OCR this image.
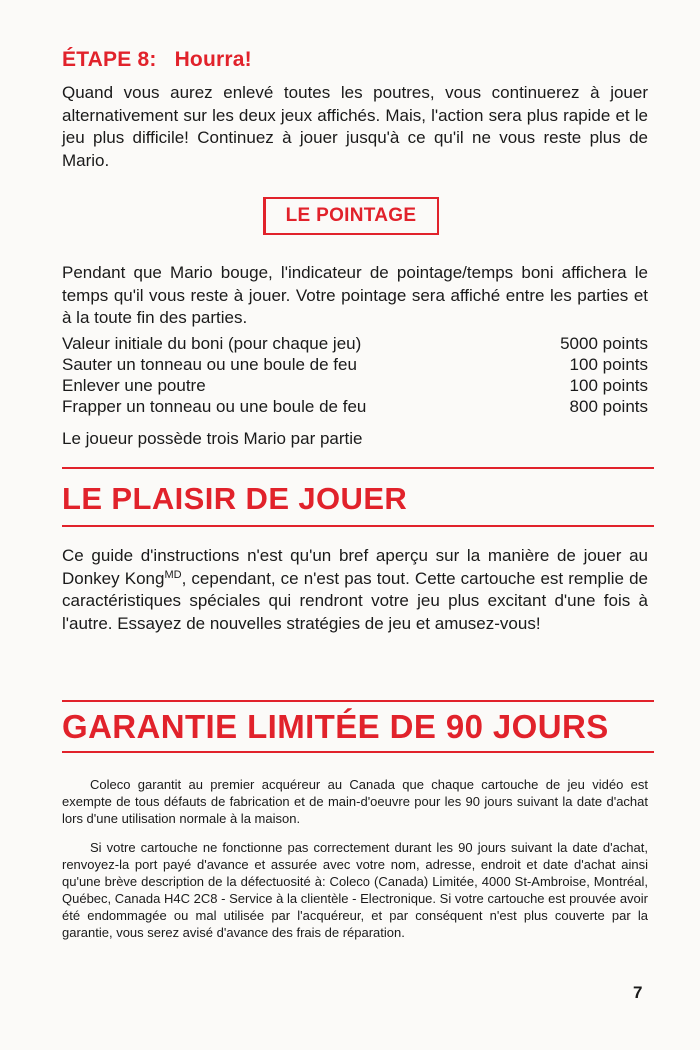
ÉTAPE 8: Hourra!

Quand vous aurez enlevé toutes les poutres, vous continuerez à jouer alternativement sur les deux jeux affichés. Mais, l'action sera plus rapide et le jeu plus difficile! Continuez à jouer jusqu'à ce qu'il ne vous reste plus de Mario.

LE POINTAGE

Pendant que Mario bouge, l'indicateur de pointage/temps boni affichera le temps qu'il vous reste à jouer. Votre pointage sera affiché entre les parties et à la toute fin des parties.

Valeur initiale du boni (pour chaque jeu)	5000 points
Sauter un tonneau ou une boule de feu	100 points
Enlever une poutre	100 points
Frapper un tonneau ou une boule de feu	800 points

Le joueur possède trois Mario par partie

LE PLAISIR DE JOUER

Ce guide d'instructions n'est qu'un bref aperçu sur la manière de jouer au Donkey Kong$^{MD}$, cependant, ce n'est pas tout. Cette cartouche est remplie de caractéristiques spéciales qui rendront votre jeu plus excitant d'une fois à l'autre. Essayez de nouvelles stratégies de jeu et amusez-vous!

GARANTIE LIMITÉE DE 90 JOURS

Coleco garantit au premier acquéreur au Canada que chaque cartouche de jeu vidéo est exempte de tous défauts de fabrication et de main-d'oeuvre pour les 90 jours suivant la date d'achat lors d'une utilisation normale à la maison.

Si votre cartouche ne fonctionne pas correctement durant les 90 jours suivant la date d'achat, renvoyez-la port payé d'avance et assurée avec votre nom, adresse, endroit et date d'achat ainsi qu'une brève description de la défectuosité à: Coleco (Canada) Limitée, 4000 St-Ambroise, Montréal, Québec, Canada H4C 2C8 - Service à la clientèle - Electronique. Si votre cartouche est prouvée avoir été endommagée ou mal utilisée par l'acquéreur, et par conséquent n'est plus couverte par la garantie, vous serez avisé d'avance des frais de réparation.

7
